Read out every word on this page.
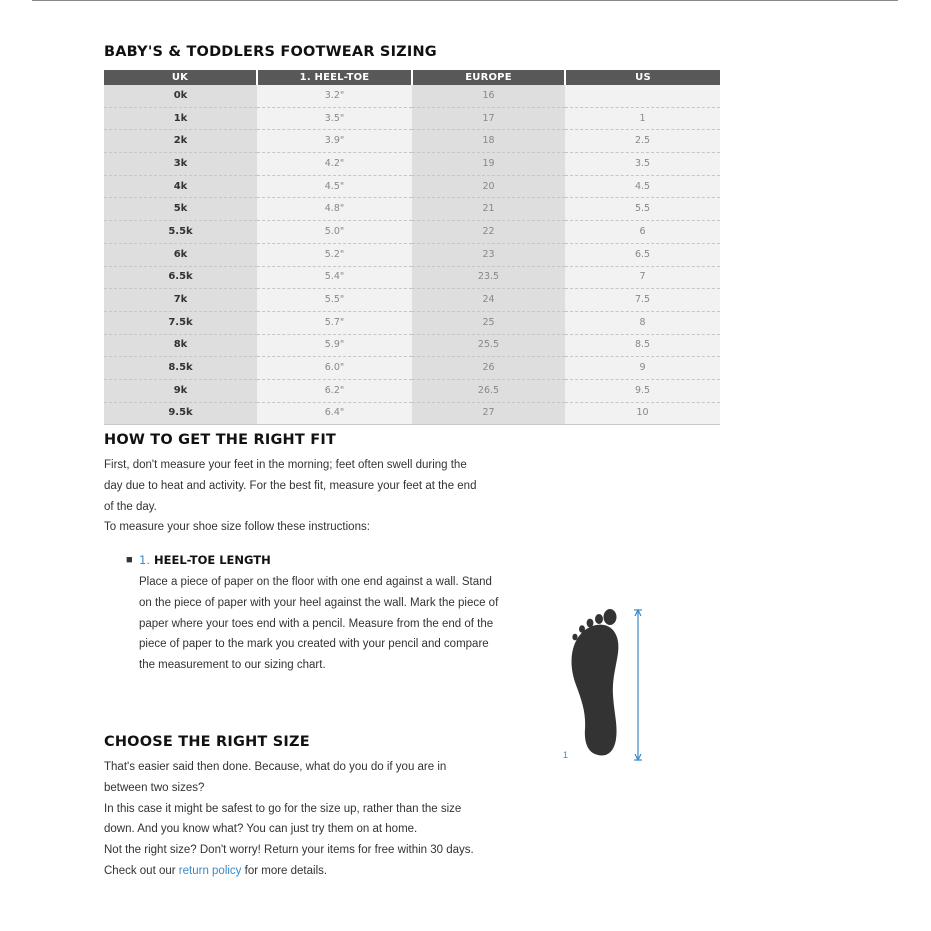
BABY'S & TODDLERS FOOTWEAR SIZING
UK	1. HEEL-TOE	EUROPE	US
0k	3.2"	16	
1k	3.5"	17	1
2k	3.9"	18	2.5
3k	4.2"	19	3.5
4k	4.5"	20	4.5
5k	4.8"	21	5.5
5.5k	5.0"	22	6
6k	5.2"	23	6.5
6.5k	5.4"	23.5	7
7k	5.5"	24	7.5
7.5k	5.7"	25	8
8k	5.9"	25.5	8.5
8.5k	6.0"	26	9
9k	6.2"	26.5	9.5
9.5k	6.4"	27	10
HOW TO GET THE RIGHT FIT

First, don't measure your feet in the morning; feet often swell during the day due to heat and activity. For the best fit, measure your feet at the end of the day.
To measure your shoe size follow these instructions:

■ 1. HEEL-TOE LENGTH

Place a piece of paper on the floor with one end against a wall. Stand on the piece of paper with your heel against the wall. Mark the piece of paper where your toes end with a pencil. Measure from the end of the piece of paper to the mark you created with your pencil and compare the measurement to our sizing chart.

1
CHOOSE THE RIGHT SIZE

That's easier said then done. Because, what do you do if you are in between two sizes?
In this case it might be safest to go for the size up, rather than the size down. And you know what? You can just try them on at home.
Not the right size? Don't worry! Return your items for free within 30 days. Check out our return policy for more details.
